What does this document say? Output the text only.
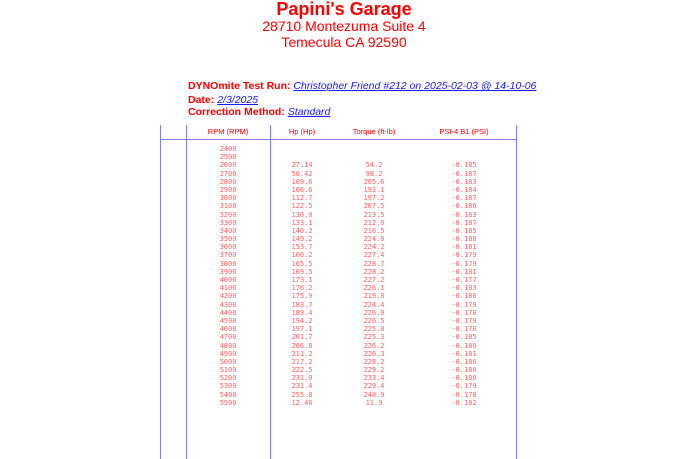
Papini's Garage
28710 Montezuma Suite 4
Temecula CA 92590
DYNOmite Test Run: Christopher Friend #212 on 2025-02-03 @ 14-10-06
Date: 2/3/2025
Correction Method: Standard
RPM (RPM)	Hp (Hp)	Torque (ft-lb)	PSI-4 B1 (PSI)
2400
2500
2600	27.14	54.2	-0.185
2700	50.42	98.2	-0.187
2800	109.6	205.6	-0.183
2900	106.6	193.1	-0.184
3000	112.7	197.2	-0.187
3100	122.5	207.5	-0.186
3200	130.0	213.5	-0.183
3300	133.1	212.0	-0.187
3400	140.2	216.5	-0.185
3500	149.2	224.0	-0.180
3600	153.7	224.2	-0.181
3700	160.2	227.4	-0.179
3800	165.5	228.7	-0.179
3900	169.5	228.2	-0.181
4000	173.1	227.2	-0.177
4100	176.2	226.1	-0.183
4200	175.9	219.8	-0.186
4300	183.7	224.4	-0.179
4400	189.4	226.0	-0.178
4500	194.2	226.5	-0.179
4600	197.1	225.0	-0.178
4700	201.7	225.3	-0.185
4800	206.8	226.2	-0.180
4900	211.2	226.3	-0.181
5000	217.2	228.2	-0.186
5100	222.5	229.2	-0.180
5200	231.0	233.4	-0.180
5300	231.4	229.4	-0.179
5400	255.8	248.9	-0.178
5500	12.46	11.9	-0.182
